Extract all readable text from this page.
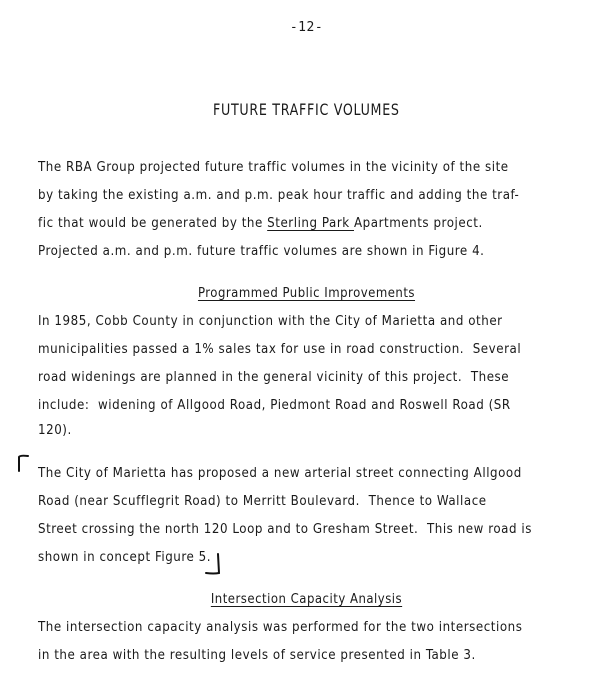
-12-
FUTURE TRAFFIC VOLUMES
The RBA Group projected future traffic volumes in the vicinity of the site
by taking the existing a.m. and p.m. peak hour traffic and adding the traf-
fic that would be generated by the Sterling Park Apartments project.
Projected a.m. and p.m. future traffic volumes are shown in Figure 4.
Programmed Public Improvements
In 1985, Cobb County in conjunction with the City of Marietta and other
municipalities passed a 1% sales tax for use in road construction.  Several
road widenings are planned in the general vicinity of this project.  These
include:  widening of Allgood Road, Piedmont Road and Roswell Road (SR
120).
The City of Marietta has proposed a new arterial street connecting Allgood
Road (near Scufflegrit Road) to Merritt Boulevard.  Thence to Wallace
Street crossing the north 120 Loop and to Gresham Street.  This new road is
shown in concept Figure 5.
Intersection Capacity Analysis
The intersection capacity analysis was performed for the two intersections
in the area with the resulting levels of service presented in Table 3.
